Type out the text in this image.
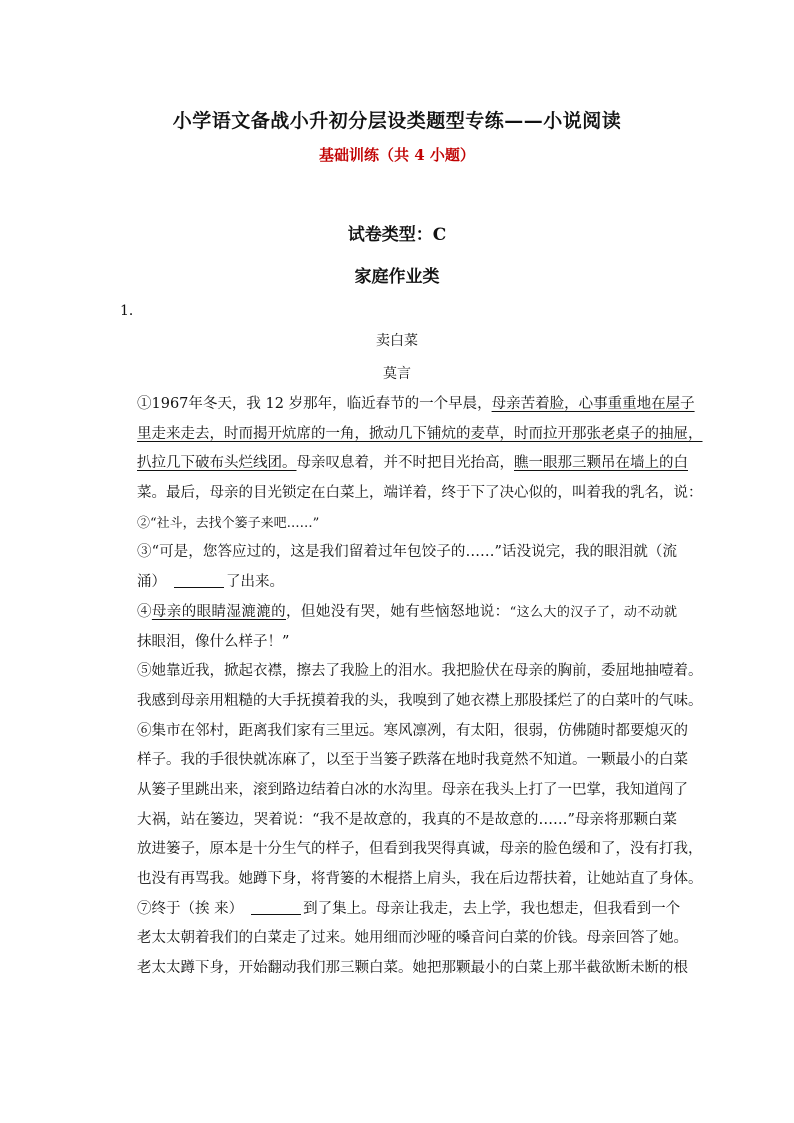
小学语文备战小升初分层设类题型专练——小说阅读
基础训练（共 4 小题）
试卷类型：C
家庭作业类
1．
卖白菜
莫言
①1967年冬天，我 12 岁那年，临近春节的一个早晨，母亲苦着脸，心事重重地在屋子
里走来走去，时而揭开炕席的一角，掀动几下铺炕的麦草，时而拉开那张老桌子的抽屉，
扒拉几下破布头烂线团。母亲叹息着，并不时把目光抬高，瞧一眼那三颗吊在墙上的白
菜。最后，母亲的目光锁定在白菜上，端详着，终于下了决心似的，叫着我的乳名，说：
②“社斗，去找个篓子来吧……”
③“可是，您答应过的，这是我们留着过年包饺子的……”话没说完，我的眼泪就（流
涌）	了出来。
④母亲的眼睛湿漉漉的，但她没有哭，她有些恼怒地说：“这么大的汉子了，动不动就
抹眼泪，像什么样子！”
⑤她靠近我，掀起衣襟，擦去了我脸上的泪水。我把脸伏在母亲的胸前，委屈地抽噎着。
我感到母亲用粗糙的大手抚摸着我的头，我嗅到了她衣襟上那股揉烂了的白菜叶的气味。
⑥集市在邻村，距离我们家有三里远。寒风凛冽，有太阳，很弱，仿佛随时都要熄灭的
样子。我的手很快就冻麻了，以至于当篓子跌落在地时我竟然不知道。一颗最小的白菜
从篓子里跳出来，滚到路边结着白冰的水沟里。母亲在我头上打了一巴掌，我知道闯了
大祸，站在篓边，哭着说：“我不是故意的，我真的不是故意的……”母亲将那颗白菜
放进篓子，原本是十分生气的样子，但看到我哭得真诚，母亲的脸色缓和了，没有打我，
也没有再骂我。她蹲下身，将背篓的木棍搭上肩头，我在后边帮扶着，让她站直了身体。
⑦终于（挨 来）	到了集上。母亲让我走，去上学，我也想走，但我看到一个
老太太朝着我们的白菜走了过来。她用细而沙哑的嗓音问白菜的价钱。母亲回答了她。
老太太蹲下身，开始翻动我们那三颗白菜。她把那颗最小的白菜上那半截欲断未断的根
